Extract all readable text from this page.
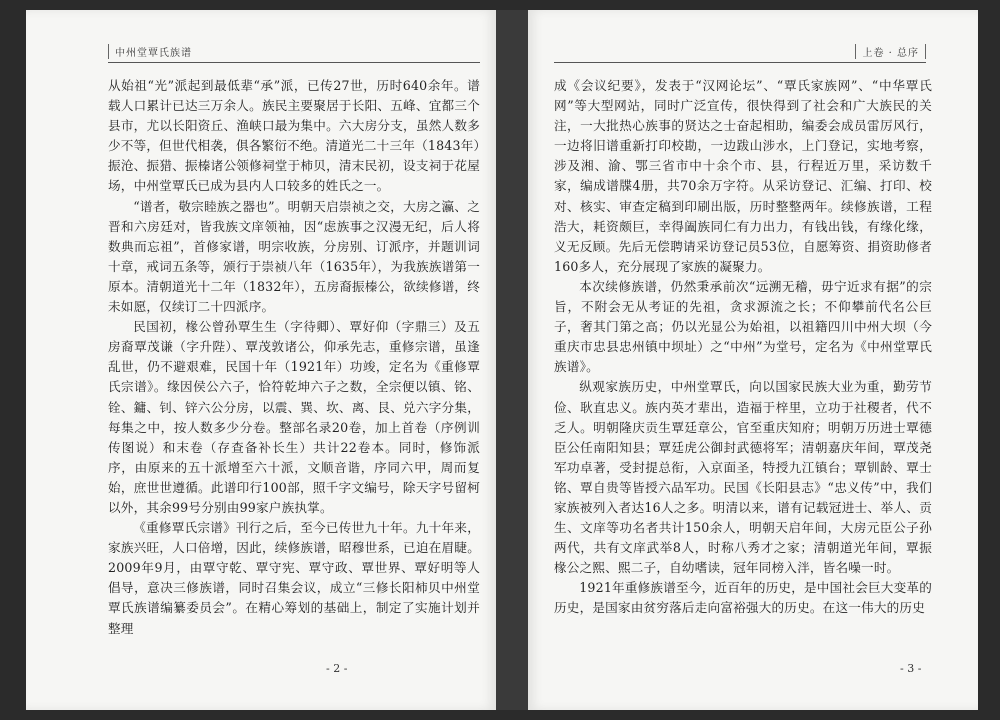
中州堂覃氏族谱

从始祖“光”派起到最低辈“承”派，已传27世，历时640余年。谱载人口累计已达三万余人。族民主要聚居于长阳、五峰、宜都三个县市，尤以长阳资丘、渔峡口最为集中。六大房分支，虽然人数多少不等，但世代相袭，俱各繁衍不绝。清道光二十三年（1843年）振沧、振猎、振榛诸公领修祠堂于柿贝，清末民初，设支祠于花屋场，中州堂覃氏已成为县内人口较多的姓氏之一。

“谱者，敬宗睦族之器也”。明朝天启崇祯之交，大房之瀛、之晋和六房廷对，皆我族文庠领袖，因“虑族事之汉漫无纪，后人将数典而忘祖”，首修家谱，明宗收族，分房别、订派序，并题训词十章，戒词五条等，颁行于崇祯八年（1635年），为我族族谱第一原本。清朝道光十二年（1832年），五房裔振榛公，欲续修谱，终未如愿，仅续订二十四派序。

民国初，椽公曾孙覃生生（字待卿）、覃好仰（字鼎三）及五房裔覃茂谦（字升陛）、覃茂敦诸公，仰承先志，重修宗谱，虽逢乱世，仍不避艰难，民国十年（1921年）功竣，定名为《重修覃氏宗谱》。缘因侯公六子，恰符乾坤六子之数，全宗便以镇、铭、铨、鏞、钊、锌六公分房，以震、巽、坎、离、艮、兑六字分集，每集之中，按人数多少分卷。整部名录20卷，加上首卷（序例训传图说）和末卷（存查备补长生）共计22卷本。同时，修饰派序，由原来的五十派增至六十派，文顺音谐，序同六甲，周而复始，庶世世遵循。此谱印行100部，照千字文编号，除天字号留柯以外，其余99号分别由99家户族执掌。

《重修覃氏宗谱》刊行之后，至今已传世九十年。九十年来，家族兴旺，人口倍增，因此，续修族谱，昭穆世系，已迫在眉睫。2009年9月，由覃守乾、覃守宪、覃守政、覃世界、覃好明等人倡导，意决三修族谱，同时召集会议，成立“三修长阳柿贝中州堂覃氏族谱编纂委员会”。在精心筹划的基础上，制定了实施计划并整理

- 2 -
上卷 · 总序

成《会议纪要》，发表于“汉网论坛”、“覃氏家族网”、“中华覃氏网”等大型网站，同时广泛宣传，很快得到了社会和广大族民的关注，一大批热心族事的贤达之士奋起相助，编委会成员雷厉风行，一边将旧谱重新打印校勘，一边跋山涉水，上门登记，实地考察，涉及湘、渝、鄂三省市中十余个市、县，行程近万里，采访数千家，编成谱牒4册，共70余万字符。从采访登记、汇编、打印、校对、核实、审查定稿到印刷出版，历时整整两年。续修族谱，工程浩大，耗资颇巨，幸得阖族同仁有力出力，有钱出钱，有缘化缘，义无反顾。先后无偿聘请采访登记员53位，自愿筹资、捐资助修者160多人，充分展现了家族的凝聚力。

本次续修族谱，仍然秉承前次“远溯无稽，毋宁近求有据”的宗旨，不附会无从考证的先祖，贪求源流之长；不仰攀前代名公巨子，奢其门第之高；仍以光显公为始祖，以祖籍四川中州大坝（今重庆市忠县忠州镇中坝址）之“中州”为堂号，定名为《中州堂覃氏族谱》。

纵观家族历史，中州堂覃氏，向以国家民族大业为重，勤劳节俭、耿直忠义。族内英才辈出，造福于梓里，立功于社稷者，代不乏人。明朝隆庆贡生覃廷章公，官至重庆知府；明朝万历进士覃德臣公任南阳知县；覃廷虎公御封武德将军；清朝嘉庆年间，覃茂尧军功卓著，受封提总衔，入京面圣，特授九江镇台；覃钏龄、覃士铭、覃自贵等皆授六品军功。民国《长阳县志》“忠义传”中，我们家族被列入者达16人之多。明清以来，谱有记载冠进士、举人、贡生、文庠等功名者共计150余人，明朝天启年间，大房元臣公子孙两代，共有文庠武举8人，时称八秀才之家；清朝道光年间，覃振椽公之熙、熙二子，自幼嗜读，冠年同榜入泮，皆名噪一时。

1921年重修族谱至今，近百年的历史，是中国社会巨大变革的历史，是国家由贫穷落后走向富裕强大的历史。在这一伟大的历史

- 3 -
